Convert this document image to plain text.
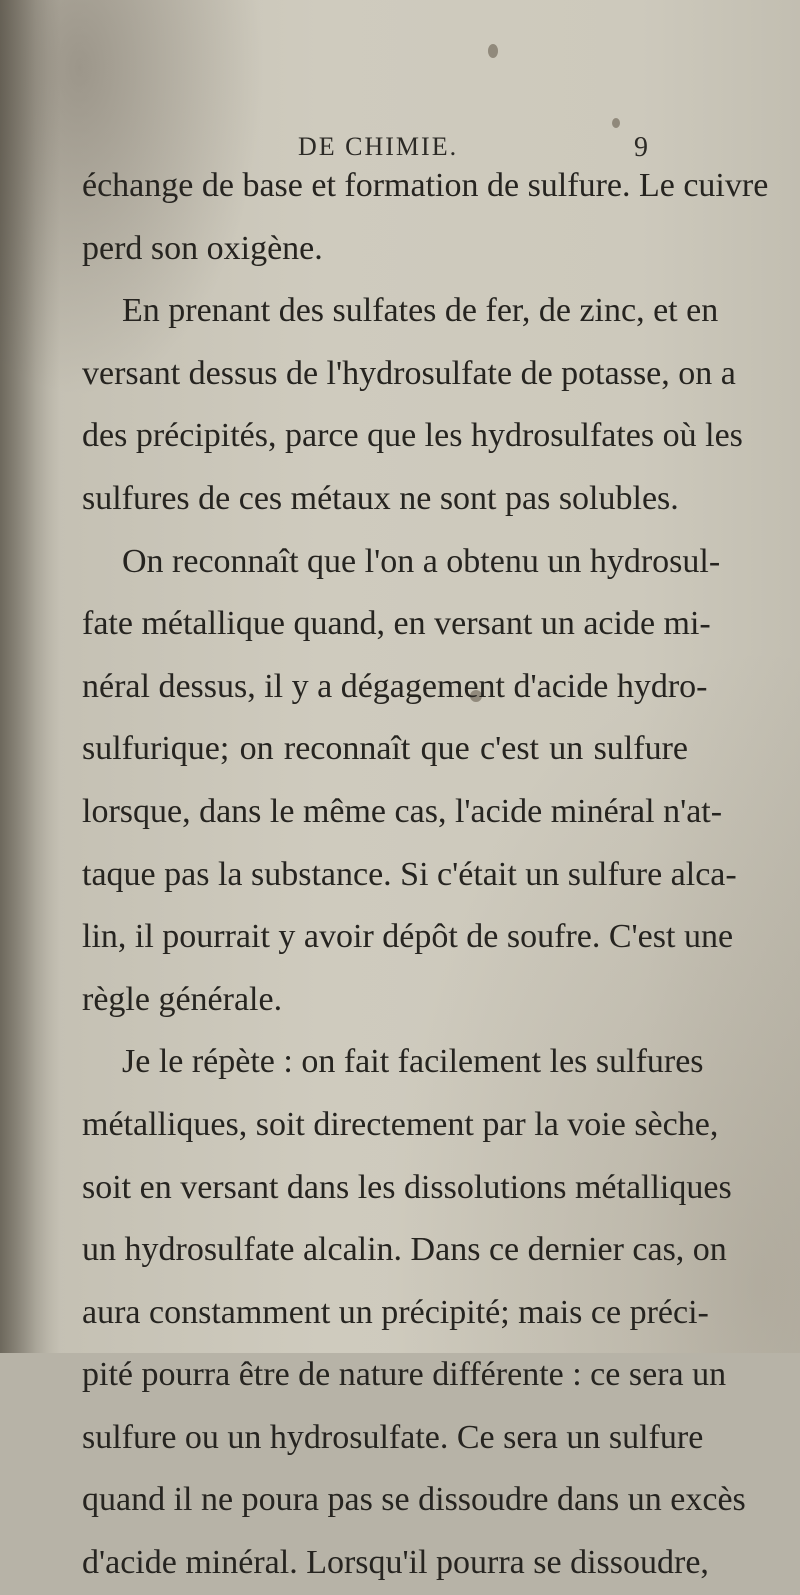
DE CHIMIE.	9
échange de base et formation de sulfure. Le cuivre
perd son oxigène.
En prenant des sulfates de fer, de zinc, et en
versant dessus de l'hydrosulfate de potasse, on a
des précipités, parce que les hydrosulfates où les
sulfures de ces métaux ne sont pas solubles.
On reconnaît que l'on a obtenu un hydrosul-
fate métallique quand, en versant un acide mi-
néral dessus, il y a dégagement d'acide hydro-
sulfurique; on reconnaît que c'est un sulfure
lorsque, dans le même cas, l'acide minéral n'at-
taque pas la substance. Si c'était un sulfure alca-
lin, il pourrait y avoir dépôt de soufre. C'est une
règle générale.
Je le répète : on fait facilement les sulfures
métalliques, soit directement par la voie sèche,
soit en versant dans les dissolutions métalliques
un hydrosulfate alcalin. Dans ce dernier cas, on
aura constamment un précipité; mais ce préci-
pité pourra être de nature différente : ce sera un
sulfure ou un hydrosulfate. Ce sera un sulfure
quand il ne poura pas se dissoudre dans un excès
d'acide minéral. Lorsqu'il pourra se dissoudre,
